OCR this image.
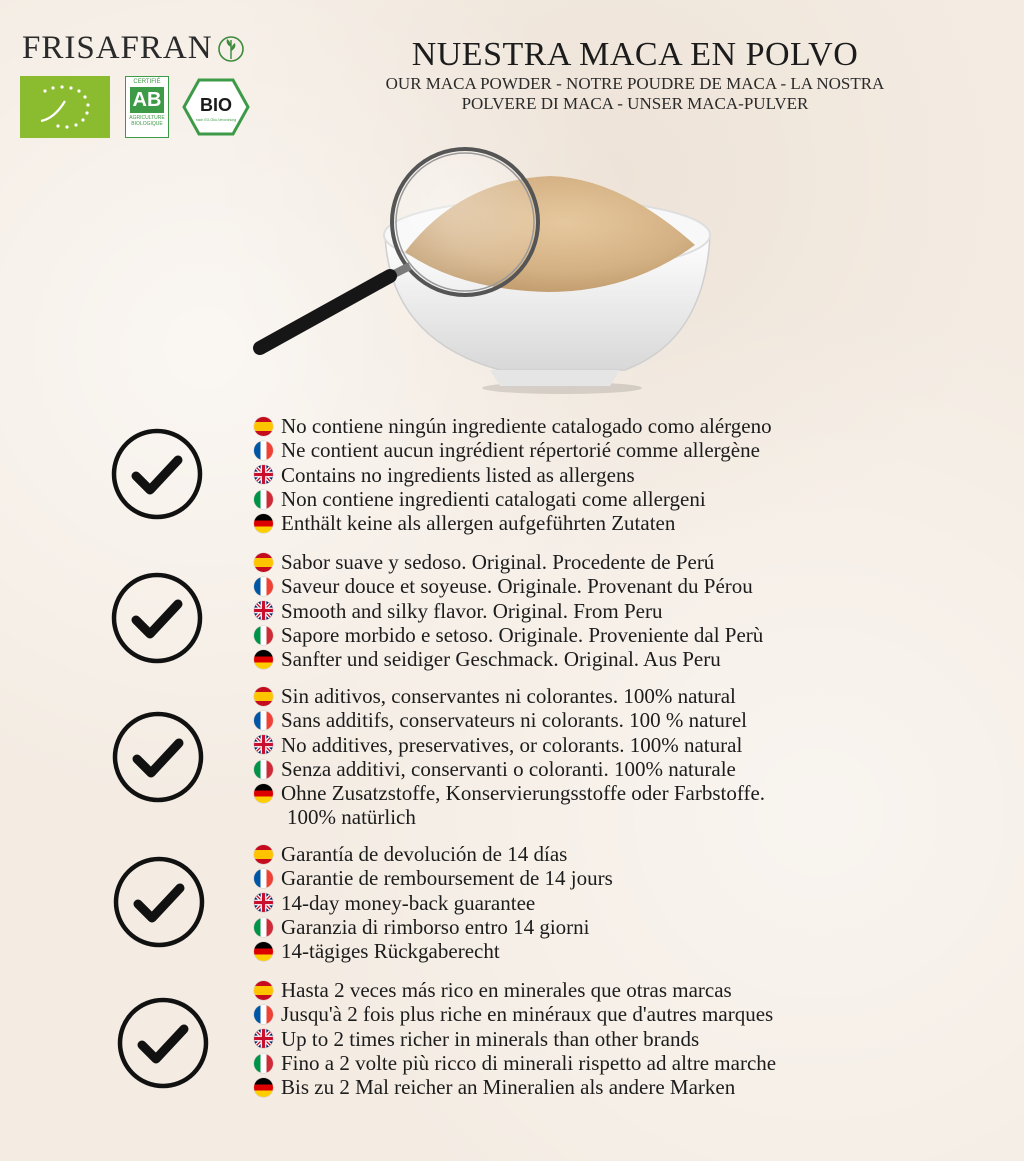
FRISAFRAN
CERTIFIÉ
AB
AGRICULTURE
BIOLOGIQUE
BIO
nach EG-Öko-Verordnung
NUESTRA MACA EN POLVO
OUR MACA POWDER - NOTRE POUDRE DE MACA - LA NOSTRA
POLVERE DI MACA - UNSER MACA-PULVER
No contiene ningún ingrediente catalogado como alérgeno
Ne contient aucun ingrédient répertorié comme allergène
Contains no ingredients listed as allergens
Non contiene ingredienti catalogati come allergeni
Enthält keine als allergen aufgeführten Zutaten
Sabor suave y sedoso. Original. Procedente de Perú
Saveur douce et soyeuse. Originale. Provenant du Pérou
Smooth and silky flavor. Original. From Peru
Sapore morbido e setoso. Originale. Proveniente dal Perù
Sanfter und seidiger Geschmack. Original. Aus Peru
Sin aditivos, conservantes ni colorantes. 100% natural
Sans additifs, conservateurs ni colorants. 100 % naturel
No additives, preservatives, or colorants. 100% natural
Senza additivi, conservanti o coloranti. 100% naturale
Ohne Zusatzstoffe, Konservierungsstoffe oder Farbstoffe.
100% natürlich
Garantía de devolución de 14 días
Garantie de remboursement de 14 jours
14-day money-back guarantee
Garanzia di rimborso entro 14 giorni
14-tägiges Rückgaberecht
Hasta 2 veces más rico en minerales que otras marcas
Jusqu'à 2 fois plus riche en minéraux que d'autres marques
Up to 2 times richer in minerals than other brands
Fino a 2 volte più ricco di minerali rispetto ad altre marche
Bis zu 2 Mal reicher an Mineralien als andere Marken
